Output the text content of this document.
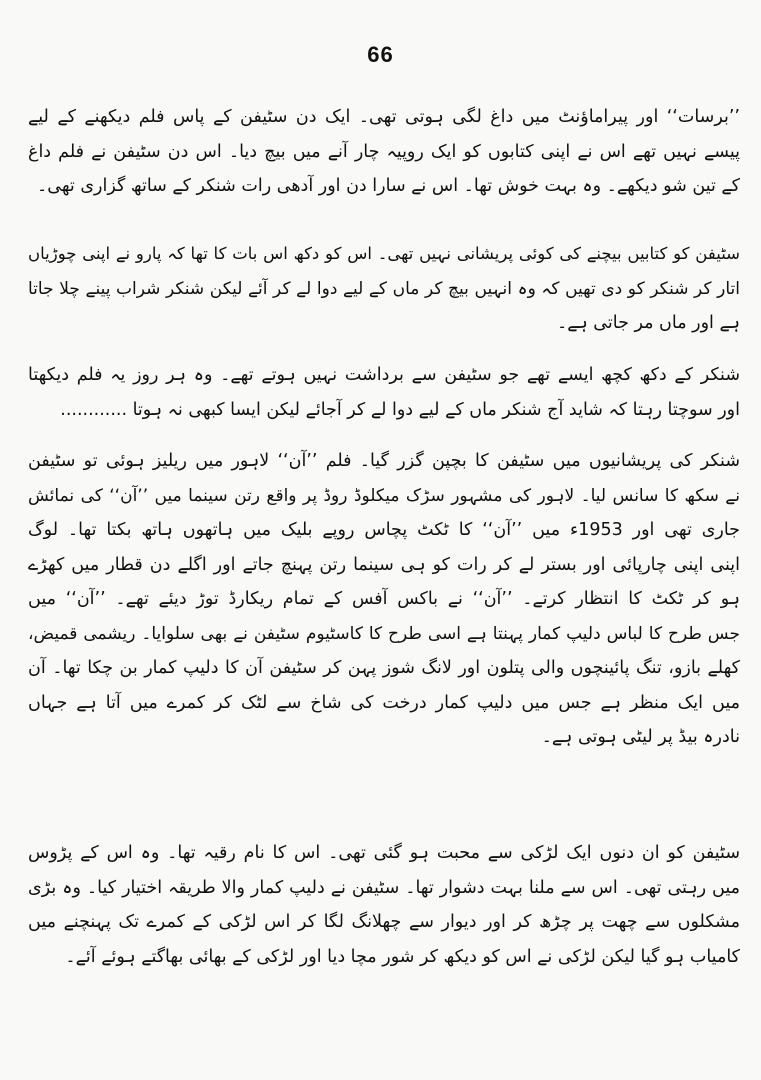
66
’’برسات‘‘ اور پیراماؤنٹ میں داغ لگی ہوتی تھی۔ ایک دن سٹیفن کے پاس فلم دیکھنے کے لیے
پیسے نہیں تھے اس نے اپنی کتابوں کو ایک روپیہ چار آنے میں بیچ دیا۔ اس دن سٹیفن نے فلم داغ
کے تین شو دیکھے۔ وہ بہت خوش تھا۔ اس نے سارا دن اور آدھی رات شنکر کے ساتھ گزاری تھی۔
سٹیفن کو کتابیں بیچنے کی کوئی پریشانی نہیں تھی۔ اس کو دکھ اس بات کا تھا کہ پارو نے اپنی چوڑیاں
اتار کر شنکر کو دی تھیں کہ وہ انہیں بیچ کر ماں کے لیے دوا لے کر آئے لیکن شنکر شراب پینے چلا جاتا
ہے اور ماں مر جاتی ہے۔
شنکر کے دکھ کچھ ایسے تھے جو سٹیفن سے برداشت نہیں ہوتے تھے۔ وہ ہر روز یہ فلم دیکھتا
اور سوچتا رہتا کہ شاید آج شنکر ماں کے لیے دوا لے کر آجائے لیکن ایسا کبھی نہ ہوتا ............
شنکر کی پریشانیوں میں سٹیفن کا بچپن گزر گیا۔ فلم ’’آن‘‘ لاہور میں ریلیز ہوئی تو سٹیفن
نے سکھ کا سانس لیا۔ لاہور کی مشہور سڑک میکلوڈ روڈ پر واقع رتن سینما میں ’’آن‘‘ کی نمائش
جاری تھی اور 1953ء میں ’’آن‘‘ کا ٹکٹ پچاس روپے بلیک میں ہاتھوں ہاتھ بکتا تھا۔ لوگ
اپنی اپنی چارپائی اور بستر لے کر رات کو ہی سینما رتن پہنچ جاتے اور اگلے دن قطار میں کھڑے
ہو کر ٹکٹ کا انتظار کرتے۔ ’’آن‘‘ نے باکس آفس کے تمام ریکارڈ توڑ دیئے تھے۔ ’’آن‘‘ میں
جس طرح کا لباس دلیپ کمار پہنتا ہے اسی طرح کا کاسٹیوم سٹیفن نے بھی سلوایا۔ ریشمی قمیض،
کھلے بازو، تنگ پائینچوں والی پتلون اور لانگ شوز پہن کر سٹیفن آن کا دلیپ کمار بن چکا تھا۔ آن
میں ایک منظر ہے جس میں دلیپ کمار درخت کی شاخ سے لٹک کر کمرے میں آتا ہے جہاں
نادرہ بیڈ پر لیٹی ہوتی ہے۔
سٹیفن کو ان دنوں ایک لڑکی سے محبت ہو گئی تھی۔ اس کا نام رقیہ تھا۔ وہ اس کے پڑوس
میں رہتی تھی۔ اس سے ملنا بہت دشوار تھا۔ سٹیفن نے دلیپ کمار والا طریقہ اختیار کیا۔ وہ بڑی
مشکلوں سے چھت پر چڑھ کر اور دیوار سے چھلانگ لگا کر اس لڑکی کے کمرے تک پہنچنے میں
کامیاب ہو گیا لیکن لڑکی نے اس کو دیکھ کر شور مچا دیا اور لڑکی کے بھائی بھاگتے ہوئے آئے۔
